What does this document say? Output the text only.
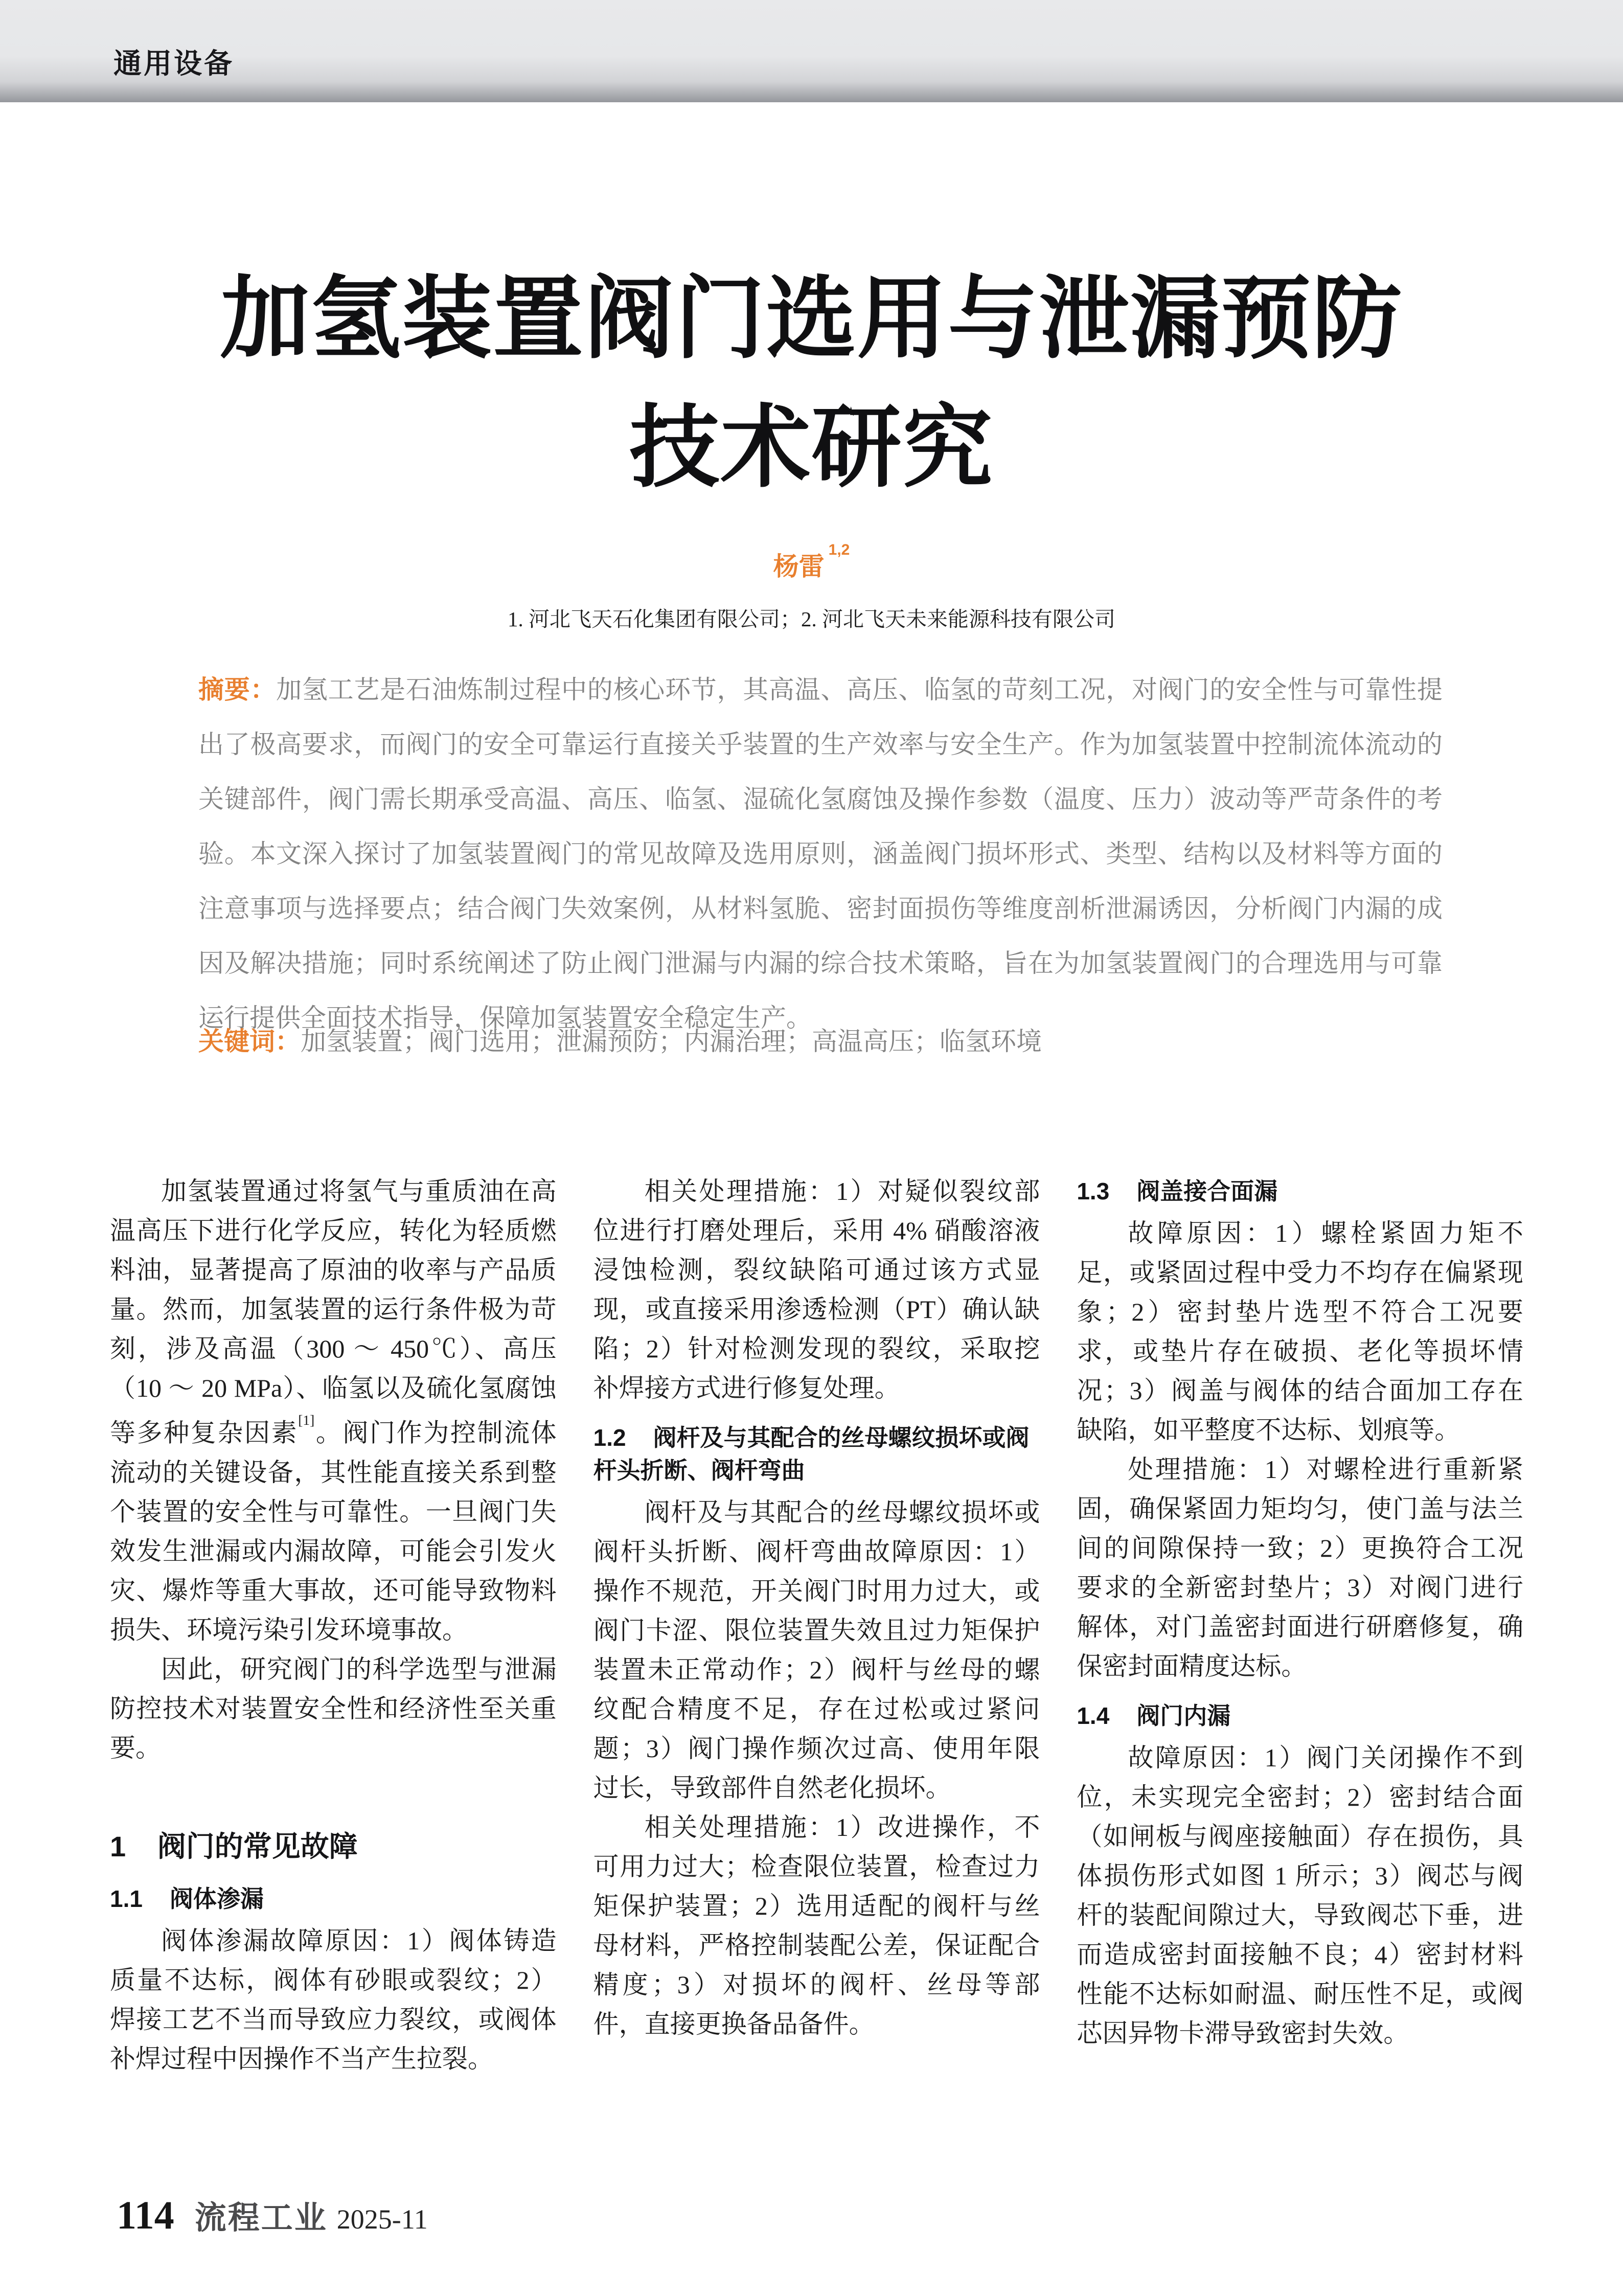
通用设备
加氢装置阀门选用与泄漏预防
技术研究
杨雷$^{1,2}$
1. 河北飞天石化集团有限公司；2. 河北飞天未来能源科技有限公司
摘要：加氢工艺是石油炼制过程中的核心环节，其高温、高压、临氢的苛刻工况，对阀门的安全性与可靠性提出了极高要求，而阀门的安全可靠运行直接关乎装置的生产效率与安全生产。作为加氢装置中控制流体流动的关键部件，阀门需长期承受高温、高压、临氢、湿硫化氢腐蚀及操作参数（温度、压力）波动等严苛条件的考验。本文深入探讨了加氢装置阀门的常见故障及选用原则，涵盖阀门损坏形式、类型、结构以及材料等方面的注意事项与选择要点；结合阀门失效案例，从材料氢脆、密封面损伤等维度剖析泄漏诱因，分析阀门内漏的成因及解决措施；同时系统阐述了防止阀门泄漏与内漏的综合技术策略，旨在为加氢装置阀门的合理选用与可靠运行提供全面技术指导，保障加氢装置安全稳定生产。
关键词：加氢装置；阀门选用；泄漏预防；内漏治理；高温高压；临氢环境

加氢装置通过将氢气与重质油在高温高压下进行化学反应，转化为轻质燃料油，显著提高了原油的收率与产品质量。然而，加氢装置的运行条件极为苛刻，涉及高温（300 ～ 450℃）、高压（10 ～ 20 MPa）、临氢以及硫化氢腐蚀等多种复杂因素[1]。阀门作为控制流体流动的关键设备，其性能直接关系到整个装置的安全性与可靠性。一旦阀门失效发生泄漏或内漏故障，可能会引发火灾、爆炸等重大事故，还可能导致物料损失、环境污染引发环境事故。

因此，研究阀门的科学选型与泄漏防控技术对装置安全性和经济性至关重要。

1 阀门的常见故障
1.1 阀体渗漏

阀体渗漏故障原因：1）阀体铸造质量不达标，阀体有砂眼或裂纹；2）焊接工艺不当而导致应力裂纹，或阀体补焊过程中因操作不当产生拉裂。

相关处理措施：1）对疑似裂纹部位进行打磨处理后，采用 4% 硝酸溶液浸蚀检测，裂纹缺陷可通过该方式显现，或直接采用渗透检测（PT）确认缺陷；2）针对检测发现的裂纹，采取挖补焊接方式进行修复处理。

1.2 阀杆及与其配合的丝母螺纹损坏或阀杆头折断、阀杆弯曲

阀杆及与其配合的丝母螺纹损坏或阀杆头折断、阀杆弯曲故障原因：1）操作不规范，开关阀门时用力过大，或阀门卡涩、限位装置失效且过力矩保护装置未正常动作；2）阀杆与丝母的螺纹配合精度不足，存在过松或过紧问题；3）阀门操作频次过高、使用年限过长，导致部件自然老化损坏。

相关处理措施：1）改进操作，不可用力过大；检查限位装置，检查过力矩保护装置；2）选用适配的阀杆与丝母材料，严格控制装配公差，保证配合精度；3）对损坏的阀杆、丝母等部件，直接更换备品备件。

1.3 阀盖接合面漏

故障原因：1）螺栓紧固力矩不足，或紧固过程中受力不均存在偏紧现象；2）密封垫片选型不符合工况要求，或垫片存在破损、老化等损坏情况；3）阀盖与阀体的结合面加工存在缺陷，如平整度不达标、划痕等。

处理措施：1）对螺栓进行重新紧固，确保紧固力矩均匀，使门盖与法兰间的间隙保持一致；2）更换符合工况要求的全新密封垫片；3）对阀门进行解体，对门盖密封面进行研磨修复，确保密封面精度达标。

1.4 阀门内漏

故障原因：1）阀门关闭操作不到位，未实现完全密封；2）密封结合面（如闸板与阀座接触面）存在损伤，具体损伤形式如图 1 所示；3）阀芯与阀杆的装配间隙过大，导致阀芯下垂，进而造成密封面接触不良；4）密封材料性能不达标如耐温、耐压性不足，或阀芯因异物卡滞导致密封失效。

114 流程工业 2025-11
